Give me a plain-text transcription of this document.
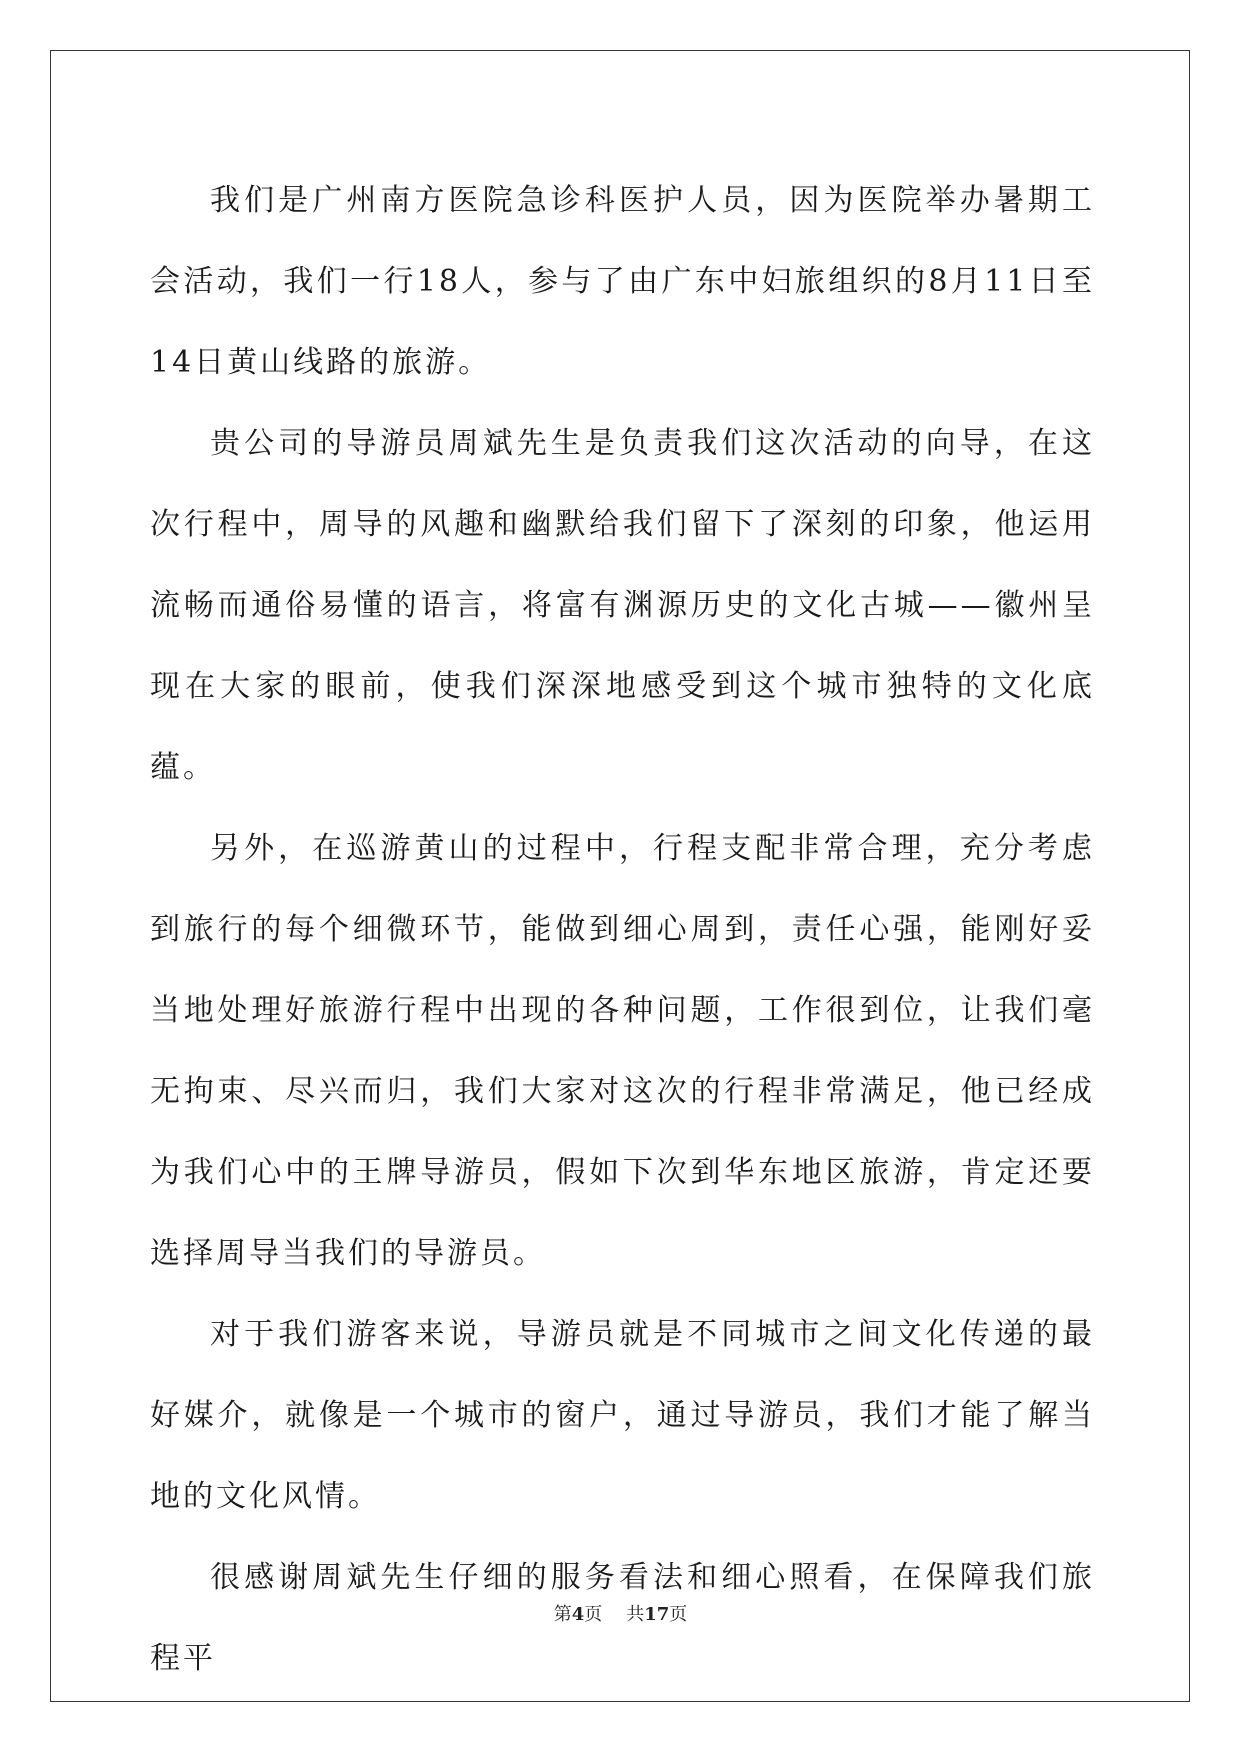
我们是广州南方医院急诊科医护人员，因为医院举办暑期工会活动，我们一行18人，参与了由广东中妇旅组织的8月11日至14日黄山线路的旅游。

贵公司的导游员周斌先生是负责我们这次活动的向导，在这次行程中，周导的风趣和幽默给我们留下了深刻的印象，他运用流畅而通俗易懂的语言，将富有渊源历史的文化古城——徽州呈现在大家的眼前，使我们深深地感受到这个城市独特的文化底蕴。

另外，在巡游黄山的过程中，行程支配非常合理，充分考虑到旅行的每个细微环节，能做到细心周到，责任心强，能刚好妥当地处理好旅游行程中出现的各种问题，工作很到位，让我们毫无拘束、尽兴而归，我们大家对这次的行程非常满足，他已经成为我们心中的王牌导游员，假如下次到华东地区旅游，肯定还要选择周导当我们的导游员。

对于我们游客来说，导游员就是不同城市之间文化传递的最好媒介，就像是一个城市的窗户，通过导游员，我们才能了解当地的文化风情。

很感谢周斌先生仔细的服务看法和细心照看，在保障我们旅程平

第4页 共17页
